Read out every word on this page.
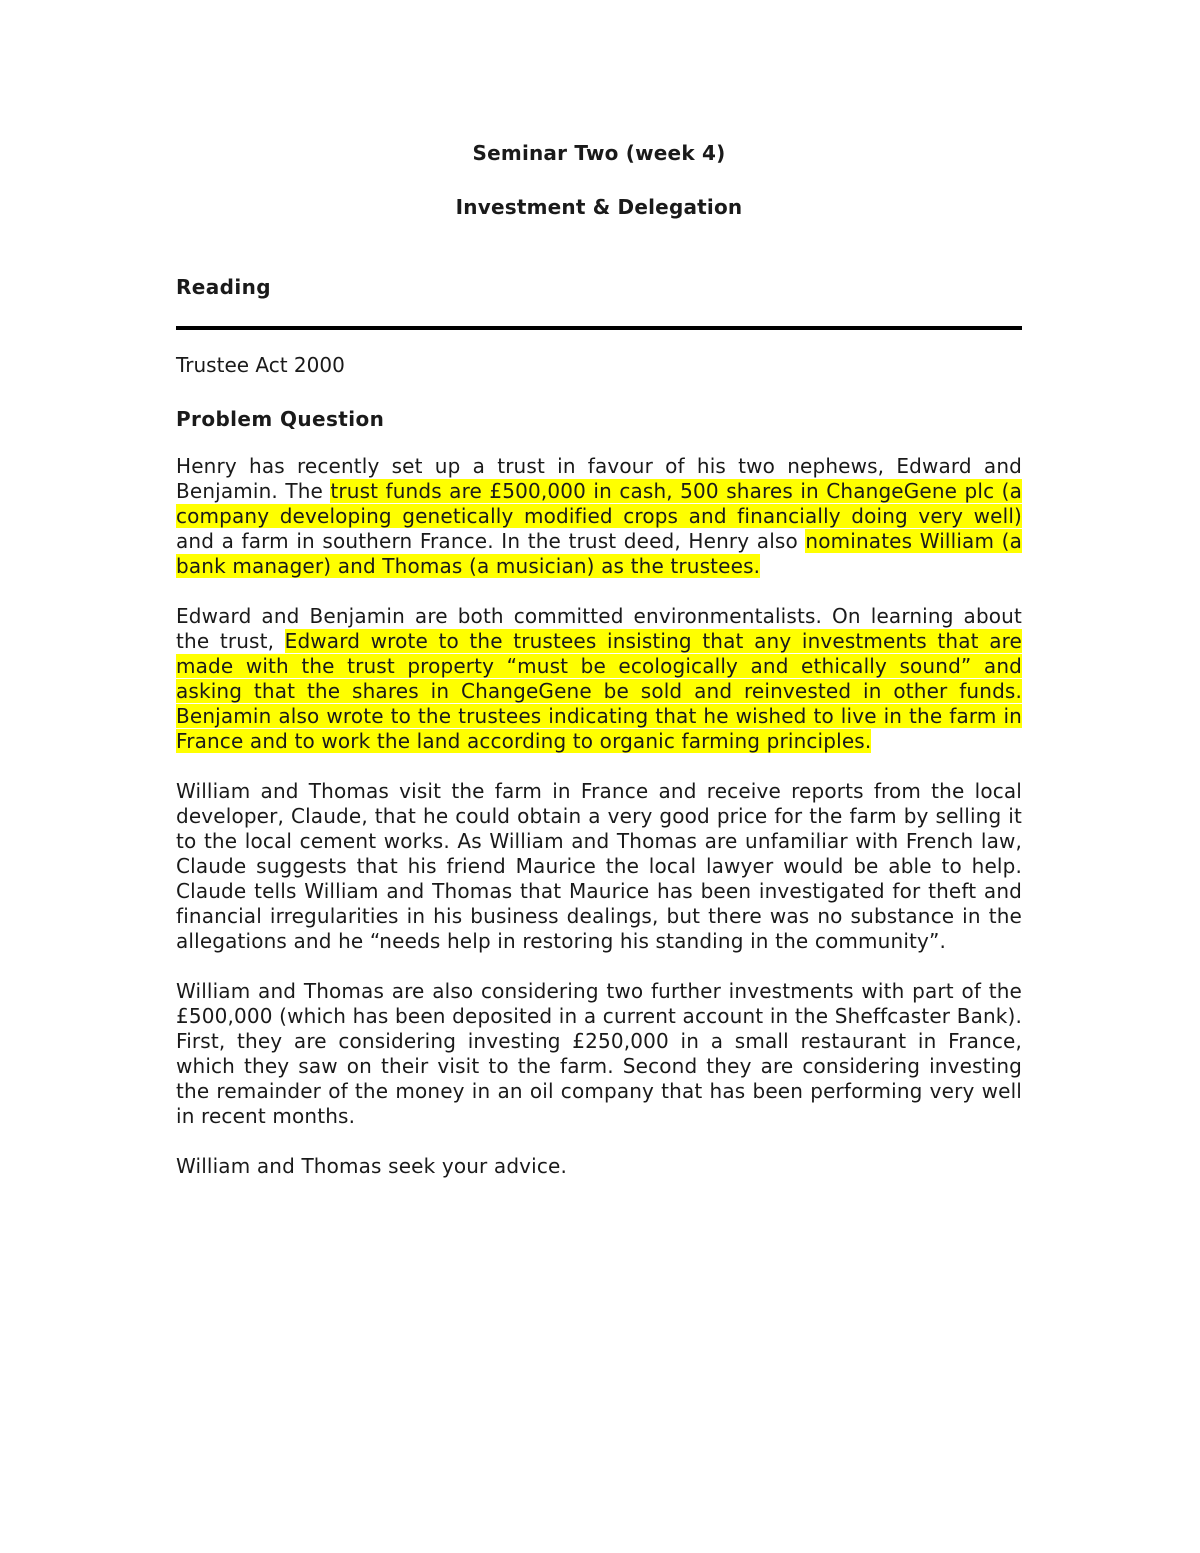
Seminar Two (week 4)

Investment & Delegation

Reading

Trustee Act 2000

Problem Question

Henry has recently set up a trust in favour of his two nephews, Edward and Benjamin. The trust funds are £500,000 in cash, 500 shares in ChangeGene plc (a company developing genetically modified crops and financially doing very well) and a farm in southern France. In the trust deed, Henry also nominates William (a bank manager) and Thomas (a musician) as the trustees.

Edward and Benjamin are both committed environmentalists. On learning about the trust, Edward wrote to the trustees insisting that any investments that are made with the trust property “must be ecologically and ethically sound” and asking that the shares in ChangeGene be sold and reinvested in other funds. Benjamin also wrote to the trustees indicating that he wished to live in the farm in France and to work the land according to organic farming principles.

William and Thomas visit the farm in France and receive reports from the local developer, Claude, that he could obtain a very good price for the farm by selling it to the local cement works. As William and Thomas are unfamiliar with French law, Claude suggests that his friend Maurice the local lawyer would be able to help. Claude tells William and Thomas that Maurice has been investigated for theft and financial irregularities in his business dealings, but there was no substance in the allegations and he “needs help in restoring his standing in the community”.

William and Thomas are also considering two further investments with part of the £500,000 (which has been deposited in a current account in the Sheffcaster Bank). First, they are considering investing £250,000 in a small restaurant in France, which they saw on their visit to the farm. Second they are considering investing the remainder of the money in an oil company that has been performing very well in recent months.

William and Thomas seek your advice.
